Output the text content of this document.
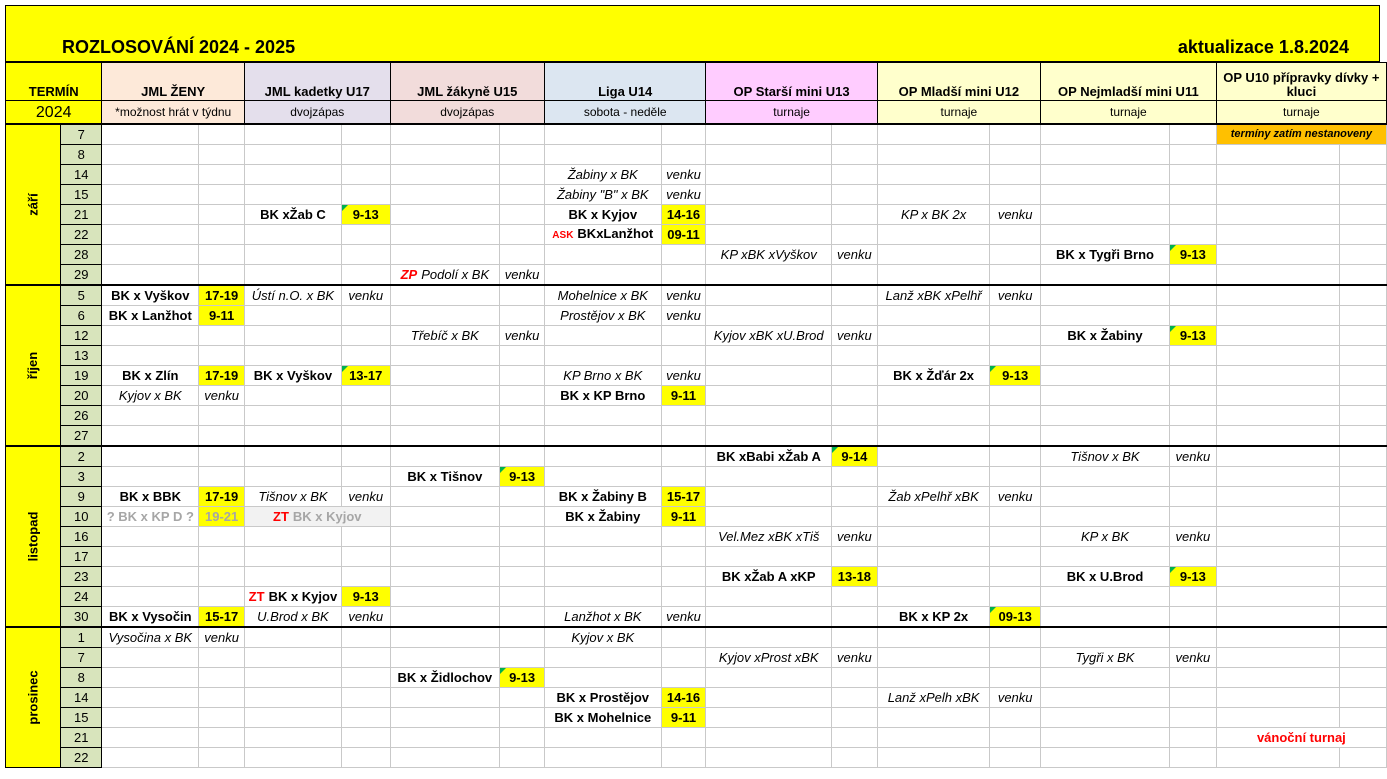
ROZLOSOVÁNÍ 2024 - 2025	aktualizace 1.8.2024
TERMÍN		JML ŽENY		JML kadetky U17		JML žákyně U15		Liga U14		OP Starší mini U13		OP Mladší mini U12		OP Nejmladší mini U11		OP U10 přípravky dívky + kluci	
2024		*možnost hrát v týdnu		dvojzápas		dvojzápas		sobota - neděle		turnaje		turnaje		turnaje		turnaje	
září	7															termíny zatím nestanoveny	
	8																
	14							Žabiny x BK	venku								
	15							Žabiny "B" x BK	venku								
	21			BK xŽab C	9-13			BK x Kyjov	14-16			KP x BK 2x	venku				
	22							ASK BKxLanžhot	09-11								
	28									KP xBK xVyškov	venku			BK x Tygři Brno	9-13		
	29					ZP Podolí x BK	venku										
říjen	5	BK x Vyškov	17-19	Ústí n.O. x BK	venku			Mohelnice x BK	venku			Lanž xBK xPelhř	venku				
	6	BK x Lanžhot	9-11					Prostějov x BK	venku								
	12					Třebíč x BK	venku			Kyjov xBK xU.Brod	venku			BK x Žabiny	9-13		
	13																
	19	BK x Zlín	17-19	BK x Vyškov	13-17			KP Brno x BK	venku			BK x Žďár 2x	9-13				
	20	Kyjov x BK	venku					BK x KP Brno	9-11								
	26																
	27																
listopad	2									BK xBabi xŽab A	9-14			Tišnov x BK	venku		
	3					BK x Tišnov	9-13										
	9	BK x BBK	17-19	Tišnov x BK	venku			BK x Žabiny B	15-17			Žab xPelhř xBK	venku				
	10	? BK x KP D ?	19-21	ZT BK x Kyjov				BK x Žabiny	9-11								
	16									Vel.Mez xBK xTiš	venku			KP x BK	venku		
	17																
	23									BK xŽab A xKP	13-18			BK x U.Brod	9-13		
	24			ZT BK x Kyjov	9-13												
	30	BK x Vysočin	15-17	U.Brod x BK	venku			Lanžhot x BK	venku			BK x KP 2x	09-13				
prosinec	1	Vysočina x BK	venku					Kyjov x BK									
	7									Kyjov xProst xBK	venku			Tygři x BK	venku		
	8					BK x Židlochov	9-13										
	14							BK x Prostějov	14-16			Lanž xPelh xBK	venku				
	15							BK x Mohelnice	9-11								
	21															vánoční turnaj	
	22																
